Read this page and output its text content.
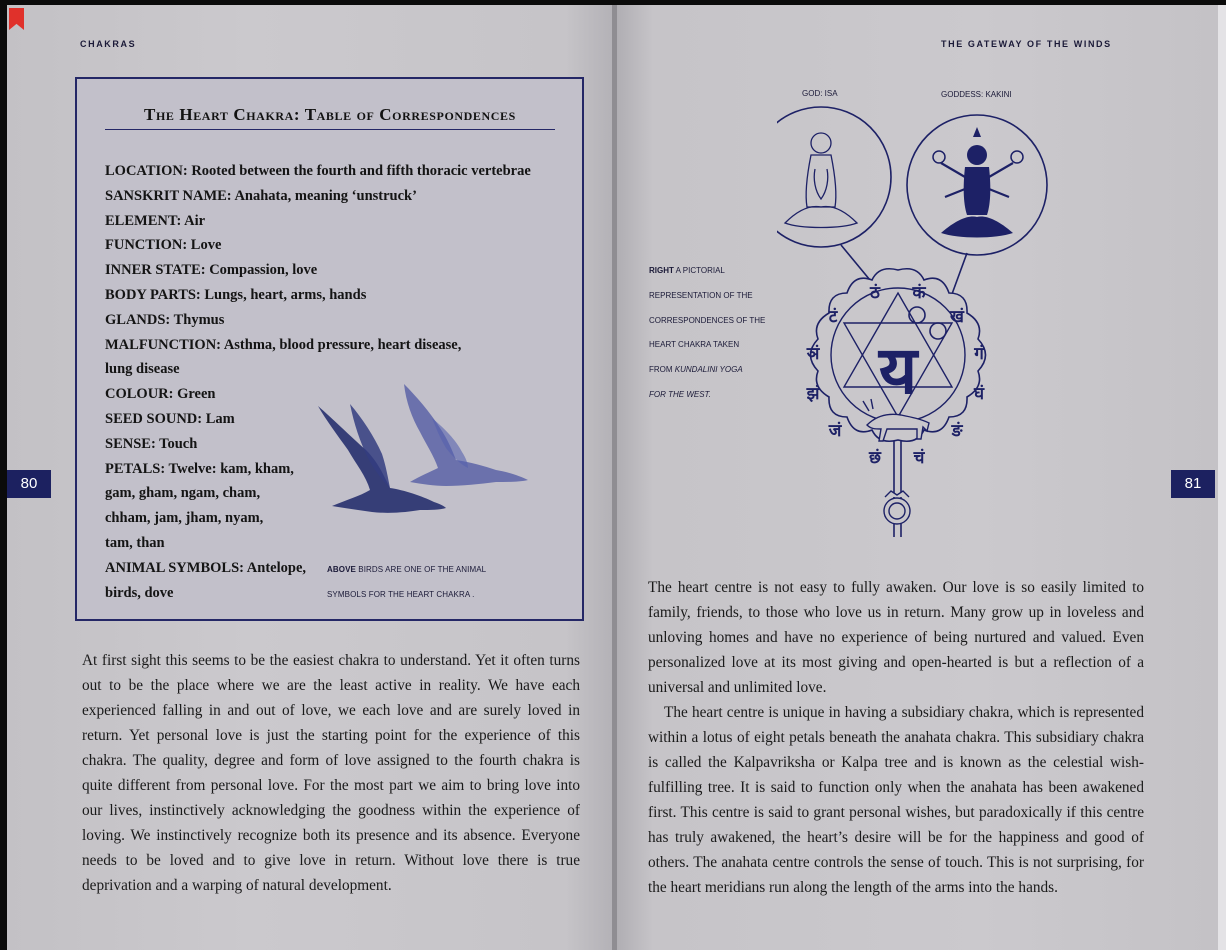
CHAKRAS
The Heart Chakra: Table of Correspondences
LOCATION: Rooted between the fourth and fifth thoracic vertebrae
SANSKRIT NAME: Anahata, meaning ‘unstruck’
ELEMENT: Air
FUNCTION: Love
INNER STATE: Compassion, love
BODY PARTS: Lungs, heart, arms, hands
GLANDS: Thymus
MALFUNCTION: Asthma, blood pressure, heart disease,
lung disease
COLOUR: Green
SEED SOUND: Lam
SENSE: Touch
PETALS: Twelve: kam, kham,
gam, gham, ngam, cham,
chham, jam, jham, nyam,
tam, than
ANIMAL SYMBOLS: Antelope,
birds, dove
ABOVE BIRDS ARE ONE OF THE ANIMAL
SYMBOLS FOR THE HEART CHAKRA .

At first sight this seems to be the easiest chakra to understand. Yet it often turns out to be the place where we are the least active in reality. We have each experienced falling in and out of love, we each love and are surely loved in return. Yet personal love is just the starting point for the experience of this chakra. The quality, degree and form of love assigned to the fourth chakra is quite different from personal love. For the most part we aim to bring love into our lives, instinctively acknowledging the goodness within the experience of loving. We instinctively recognize both its presence and its absence. Everyone needs to be loved and to give love in return. Without love there is true deprivation and a warping of natural development.

THE GATEWAY OF THE WINDS
GOD: ISA	GODDESS: KAKINI
RIGHT A PICTORIAL
REPRESENTATION OF THE
CORRESPONDENCES OF THE
HEART CHAKRA TAKEN
FROM KUNDALINI YOGA
FOR THE WEST.	य
कं
खं
गं
घं
ङं
चं
छं
जं
झं
ञं
टं
ठं

The heart centre is not easy to fully awaken. Our love is so easily limited to family, friends, to those who love us in return. Many grow up in loveless and unloving homes and have no experience of being nurtured and valued. Even personalized love at its most giving and open-hearted is but a reflection of a universal and unlimited love.

The heart centre is unique in having a subsidiary chakra, which is represented within a lotus of eight petals beneath the anahata chakra. This subsidiary chakra is called the Kalpavriksha or Kalpa tree and is known as the celestial wish-fulfilling tree. It is said to function only when the anahata has been awakened first. This centre is said to grant personal wishes, but paradoxically if this centre has truly awakened, the heart’s desire will be for the happiness and good of others. The anahata centre controls the sense of touch. This is not surprising, for the heart meridians run along the length of the arms into the hands.

80	81
